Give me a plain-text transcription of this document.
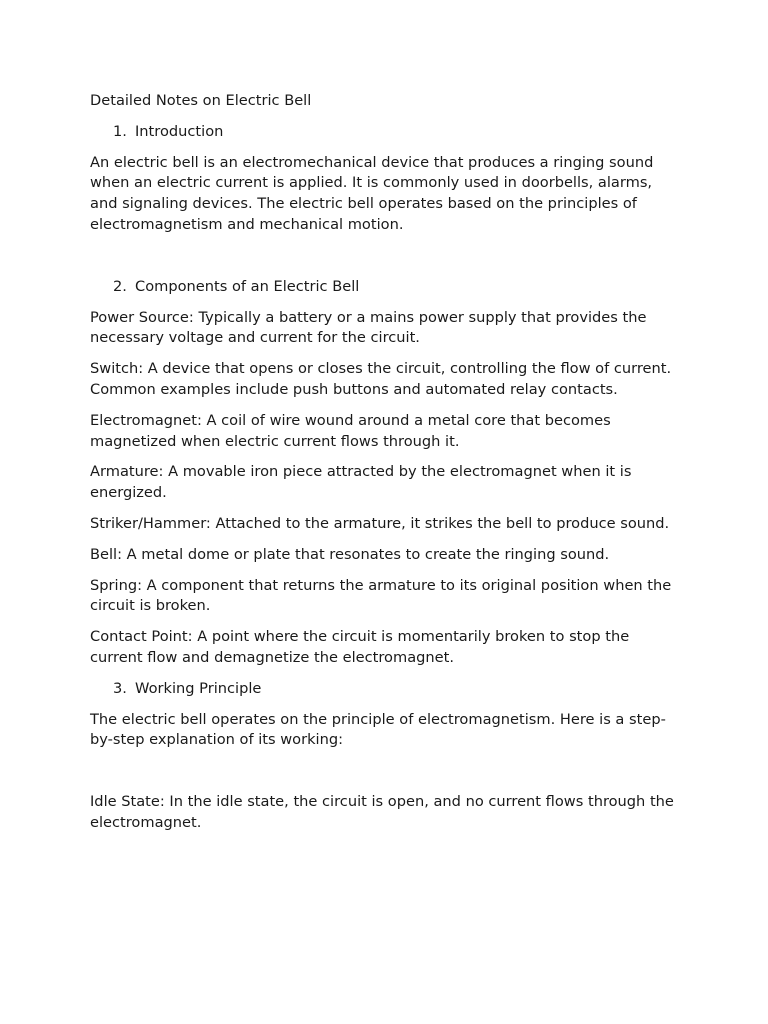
Detailed Notes on Electric Bell
1. Introduction

An electric bell is an electromechanical device that produces a ringing sound when an electric current is applied. It is commonly used in doorbells, alarms, and signaling devices. The electric bell operates based on the principles of electromagnetism and mechanical motion.

2. Components of an Electric Bell

Power Source: Typically a battery or a mains power supply that provides the necessary voltage and current for the circuit.

Switch: A device that opens or closes the circuit, controlling the flow of current. Common examples include push buttons and automated relay contacts.

Electromagnet: A coil of wire wound around a metal core that becomes magnetized when electric current flows through it.

Armature: A movable iron piece attracted by the electromagnet when it is energized.

Striker/Hammer: Attached to the armature, it strikes the bell to produce sound.

Bell: A metal dome or plate that resonates to create the ringing sound.

Spring: A component that returns the armature to its original position when the circuit is broken.

Contact Point: A point where the circuit is momentarily broken to stop the current flow and demagnetize the electromagnet.

3. Working Principle

The electric bell operates on the principle of electromagnetism. Here is a step-by-step explanation of its working:

Idle State: In the idle state, the circuit is open, and no current flows through the electromagnet.
